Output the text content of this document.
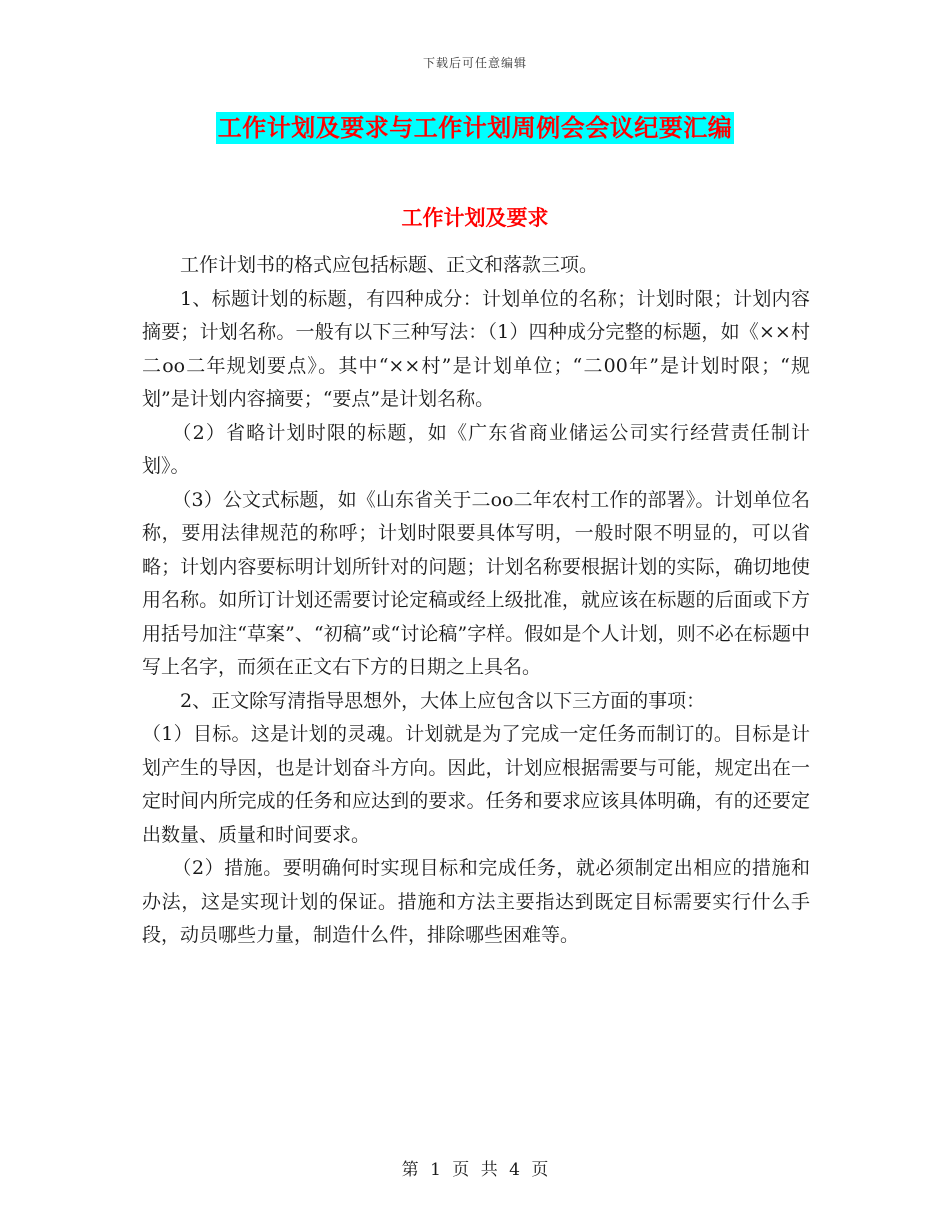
下载后可任意编辑
工作计划及要求与工作计划周例会会议纪要汇编
工作计划及要求

工作计划书的格式应包括标题、正文和落款三项。

1、标题计划的标题，有四种成分：计划单位的名称；计划时限；计划内容摘要；计划名称。一般有以下三种写法：（1）四种成分完整的标题，如《××村二oo二年规划要点》。其中“××村”是计划单位；“二00年”是计划时限；“规划”是计划内容摘要；“要点”是计划名称。

（2）省略计划时限的标题，如《广东省商业储运公司实行经营责任制计划》。

（3）公文式标题，如《山东省关于二oo二年农村工作的部署》。计划单位名称，要用法律规范的称呼；计划时限要具体写明，一般时限不明显的，可以省略；计划内容要标明计划所针对的问题；计划名称要根据计划的实际，确切地使用名称。如所订计划还需要讨论定稿或经上级批准，就应该在标题的后面或下方用括号加注“草案”、“初稿”或“讨论稿”字样。假如是个人计划，则不必在标题中写上名字，而须在正文右下方的日期之上具名。

2、正文除写清指导思想外，大体上应包含以下三方面的事项：

（1）目标。这是计划的灵魂。计划就是为了完成一定任务而制订的。目标是计划产生的导因，也是计划奋斗方向。因此，计划应根据需要与可能，规定出在一定时间内所完成的任务和应达到的要求。任务和要求应该具体明确，有的还要定出数量、质量和时间要求。

（2）措施。要明确何时实现目标和完成任务，就必须制定出相应的措施和办法，这是实现计划的保证。措施和方法主要指达到既定目标需要实行什么手段，动员哪些力量，制造什么件，排除哪些困难等。

第 1 页 共 4 页
